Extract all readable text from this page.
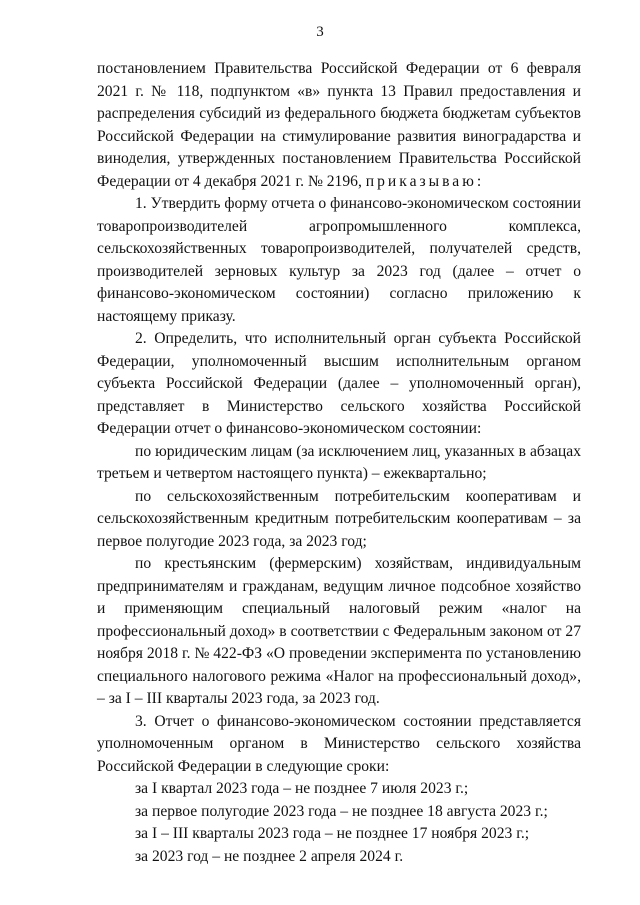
3

постановлением Правительства Российской Федерации от 6 февраля 2021 г. № 118, подпунктом «в» пункта 13 Правил предоставления и распределения субсидий из федерального бюджета бюджетам субъектов Российской Федерации на стимулирование развития виноградарства и виноделия, утвержденных постановлением Правительства Российской Федерации от 4 декабря 2021 г. № 2196, приказываю:

1. Утвердить форму отчета о финансово-экономическом состоянии товаропроизводителей агропромышленного комплекса, сельскохозяйственных товаропроизводителей, получателей средств, производителей зерновых культур за 2023 год (далее – отчет о финансово-экономическом состоянии) согласно приложению к настоящему приказу.

2. Определить, что исполнительный орган субъекта Российской Федерации, уполномоченный высшим исполнительным органом субъекта Российской Федерации (далее – уполномоченный орган), представляет в Министерство сельского хозяйства Российской Федерации отчет о финансово-экономическом состоянии:

по юридическим лицам (за исключением лиц, указанных в абзацах третьем и четвертом настоящего пункта) – ежеквартально;

по сельскохозяйственным потребительским кооперативам и сельскохозяйственным кредитным потребительским кооперативам – за первое полугодие 2023 года, за 2023 год;

по крестьянским (фермерским) хозяйствам, индивидуальным предпринимателям и гражданам, ведущим личное подсобное хозяйство и применяющим специальный налоговый режим «налог на профессиональный доход» в соответствии с Федеральным законом от 27 ноября 2018 г. № 422-ФЗ «О проведении эксперимента по установлению специального налогового режима «Налог на профессиональный доход», – за I – III кварталы 2023 года, за 2023 год.

3. Отчет о финансово-экономическом состоянии представляется уполномоченным органом в Министерство сельского хозяйства Российской Федерации в следующие сроки:

за I квартал 2023 года – не позднее 7 июля 2023 г.;

за первое полугодие 2023 года – не позднее 18 августа 2023 г.;

за I – III кварталы 2023 года – не позднее 17 ноября 2023 г.;

за 2023 год – не позднее 2 апреля 2024 г.
